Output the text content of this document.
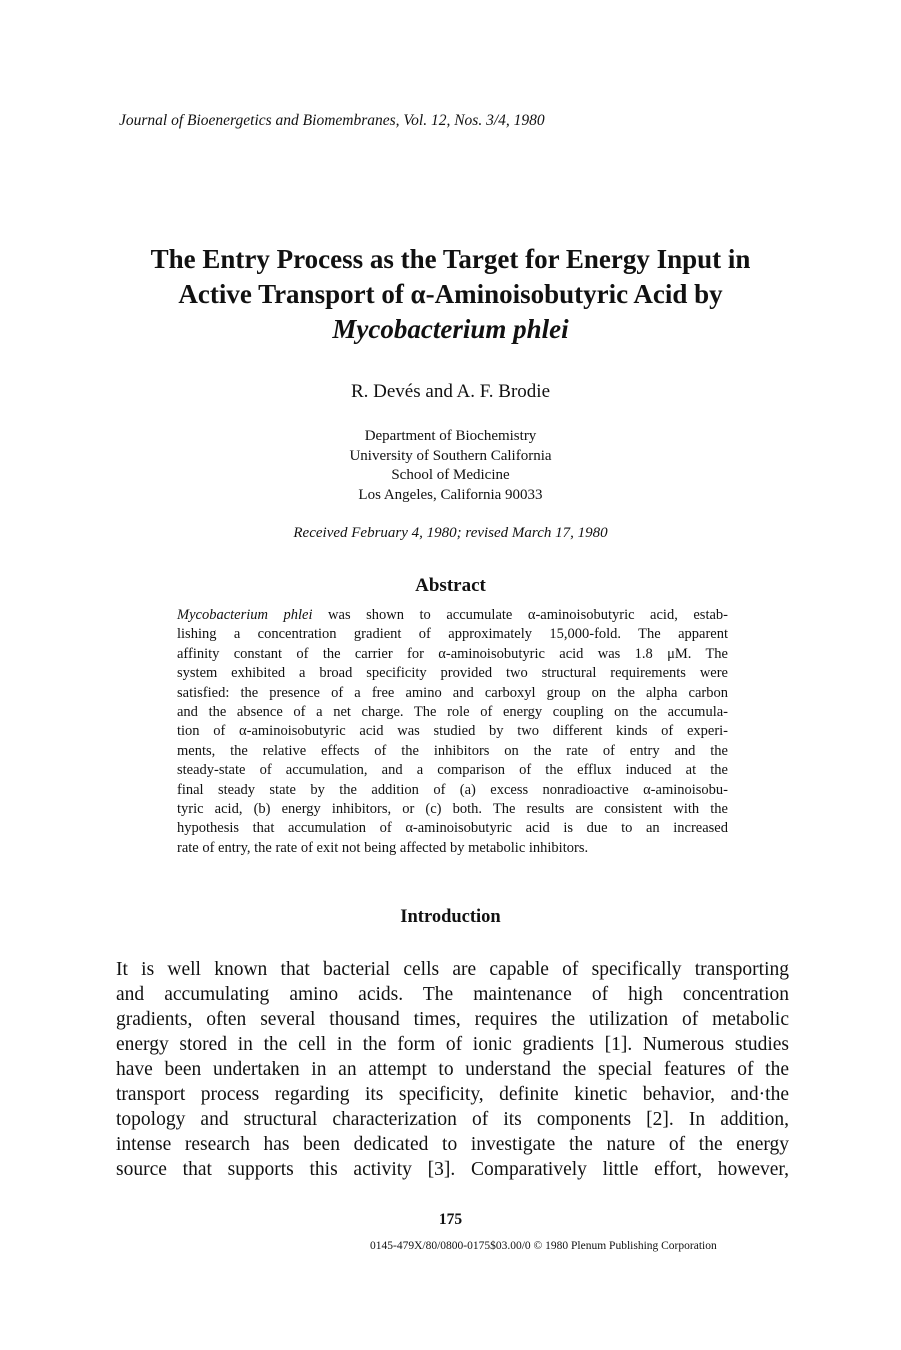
Journal of Bioenergetics and Biomembranes, Vol. 12, Nos. 3/4, 1980
The Entry Process as the Target for Energy Input in
Active Transport of α-Aminoisobutyric Acid by
Mycobacterium phlei
R. Devés and A. F. Brodie
Department of Biochemistry
University of Southern California
School of Medicine
Los Angeles, California 90033
Received February 4, 1980; revised March 17, 1980
Abstract
Mycobacterium phlei was shown to accumulate α-aminoisobutyric acid, estab-
lishing a concentration gradient of approximately 15,000-fold. The apparent
affinity constant of the carrier for α-aminoisobutyric acid was 1.8 μM. The
system exhibited a broad specificity provided two structural requirements were
satisfied: the presence of a free amino and carboxyl group on the alpha carbon
and the absence of a net charge. The role of energy coupling on the accumula-
tion of α-aminoisobutyric acid was studied by two different kinds of experi-
ments, the relative effects of the inhibitors on the rate of entry and the
steady-state of accumulation, and a comparison of the efflux induced at the
final steady state by the addition of (a) excess nonradioactive α-aminoisobu-
tyric acid, (b) energy inhibitors, or (c) both. The results are consistent with the
hypothesis that accumulation of α-aminoisobutyric acid is due to an increased
rate of entry, the rate of exit not being affected by metabolic inhibitors.
Introduction
It is well known that bacterial cells are capable of specifically transporting
and accumulating amino acids. The maintenance of high concentration
gradients, often several thousand times, requires the utilization of metabolic
energy stored in the cell in the form of ionic gradients [1]. Numerous studies
have been undertaken in an attempt to understand the special features of the
transport process regarding its specificity, definite kinetic behavior, and·the
topology and structural characterization of its components [2]. In addition,
intense research has been dedicated to investigate the nature of the energy
source that supports this activity [3]. Comparatively little effort, however,
175
0145-479X/80/0800-0175$03.00/0 © 1980 Plenum Publishing Corporation
